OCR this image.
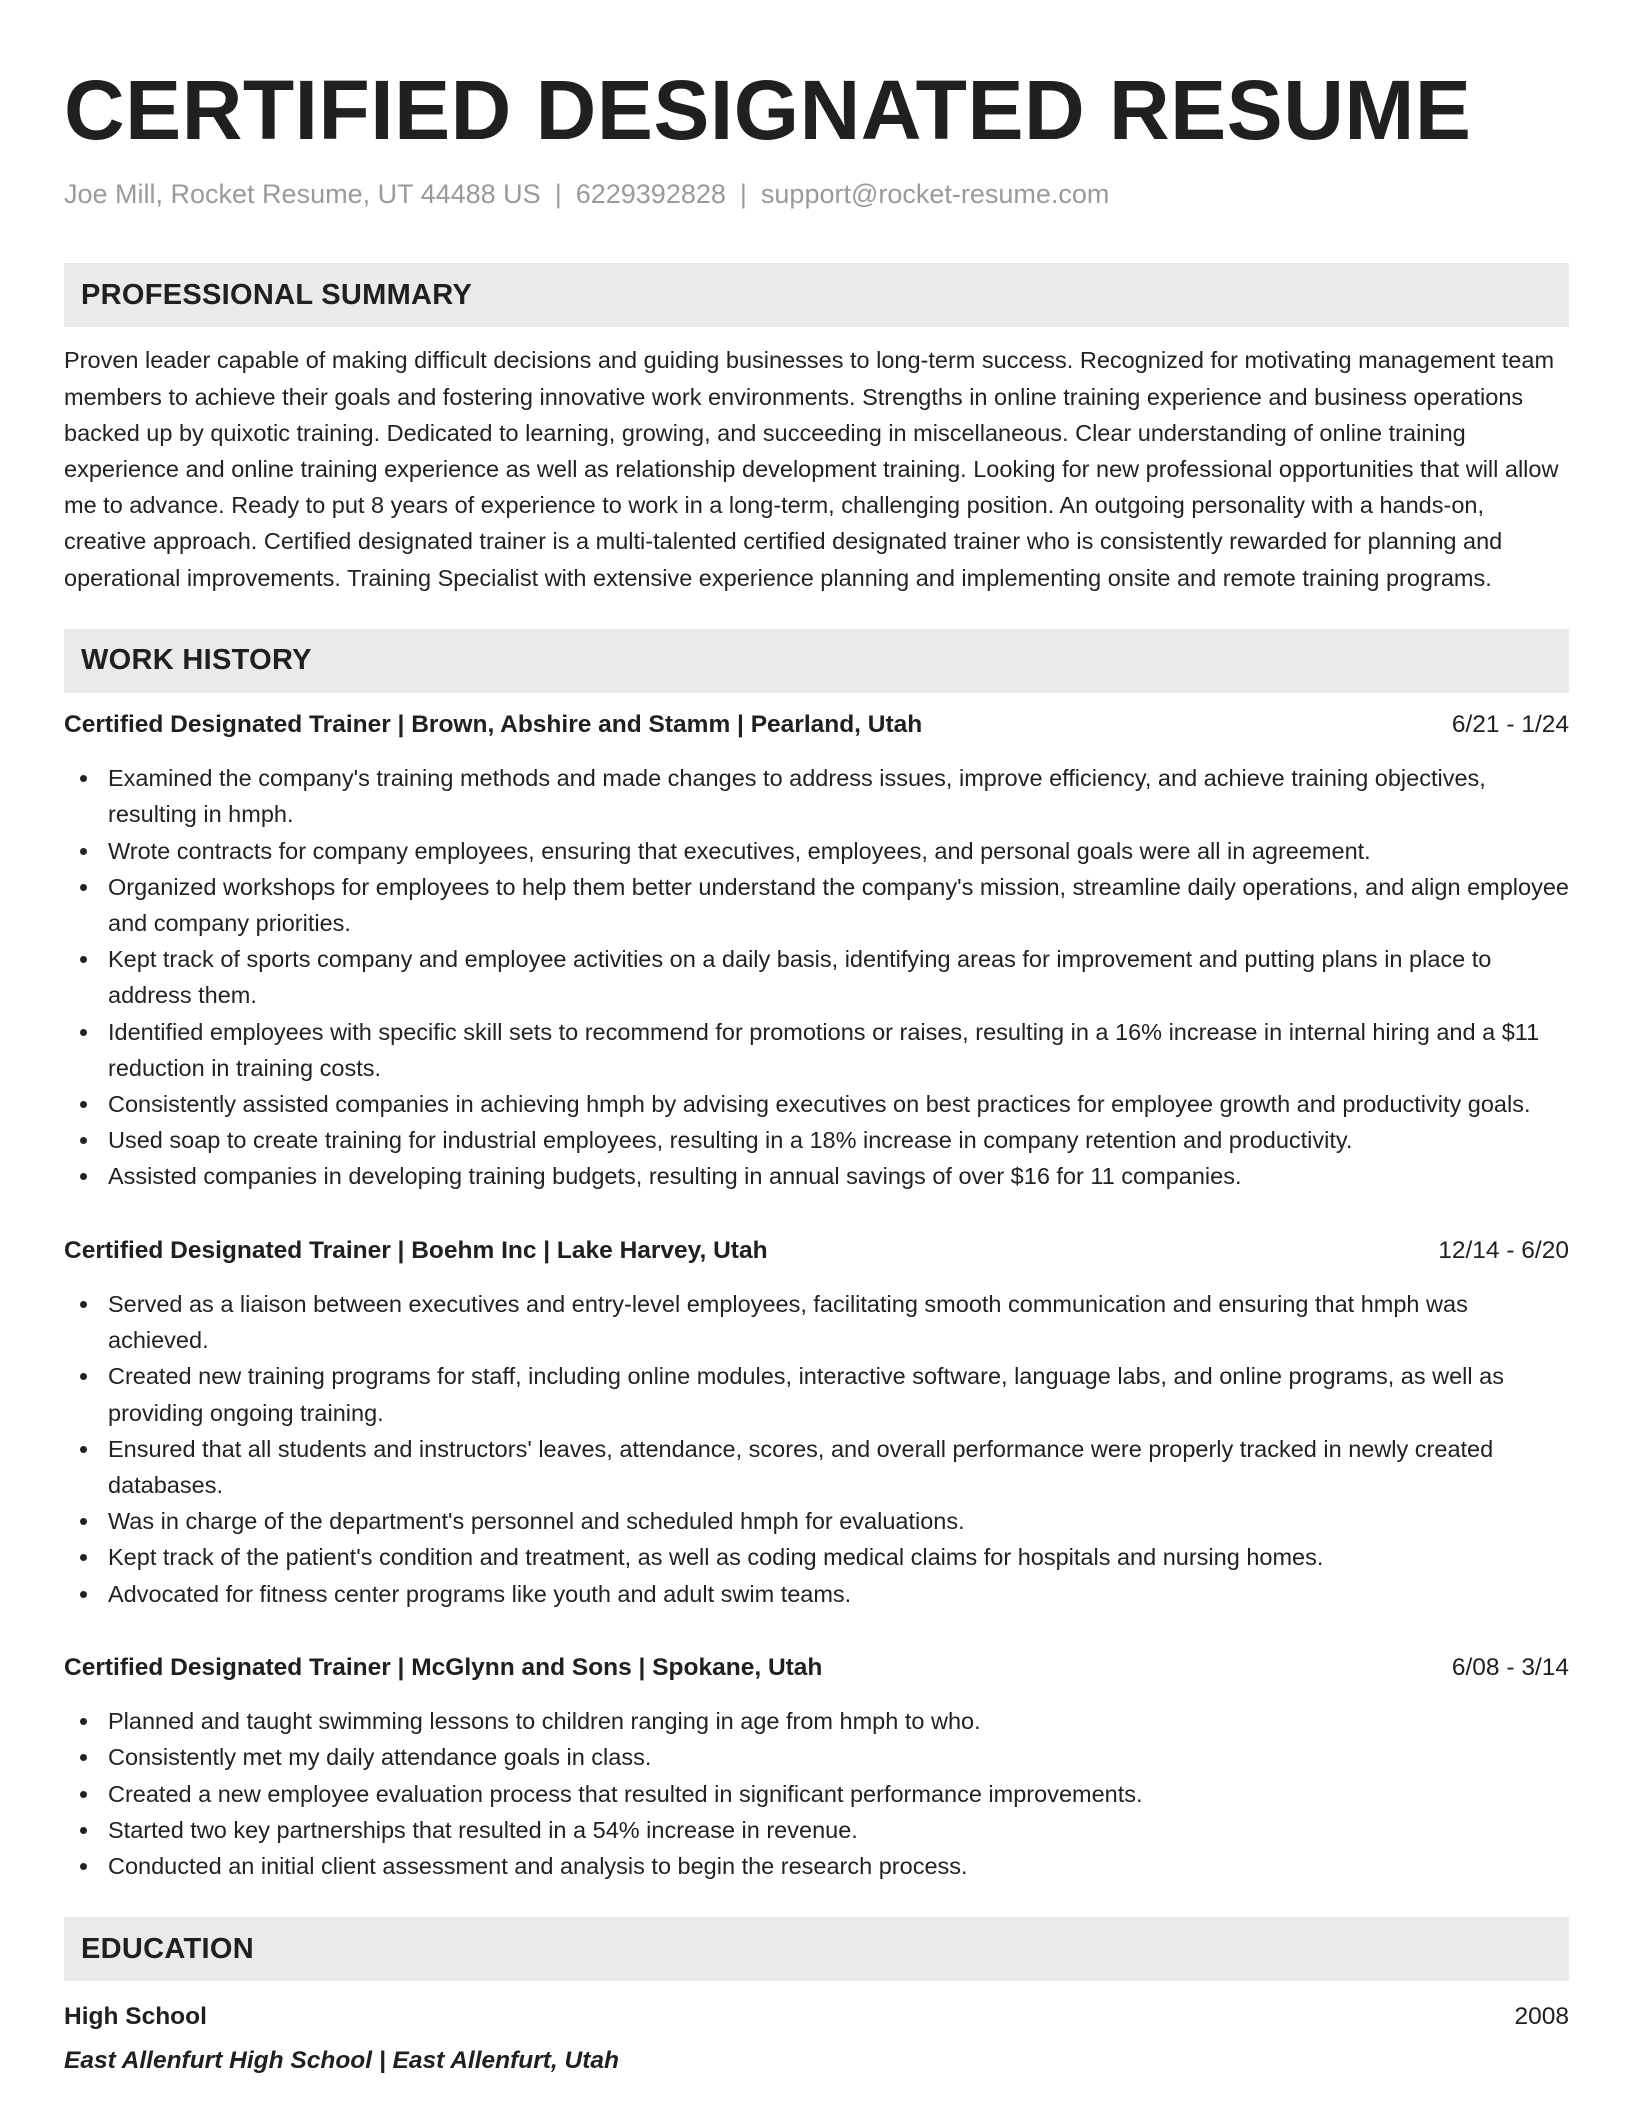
CERTIFIED DESIGNATED RESUME
Joe Mill, Rocket Resume, UT 44488 US | 6229392828 | support@rocket-resume.com
PROFESSIONAL SUMMARY

Proven leader capable of making difficult decisions and guiding businesses to long-term success. Recognized for motivating management team members to achieve their goals and fostering innovative work environments. Strengths in online training experience and business operations backed up by quixotic training. Dedicated to learning, growing, and succeeding in miscellaneous. Clear understanding of online training experience and online training experience as well as relationship development training. Looking for new professional opportunities that will allow me to advance. Ready to put 8 years of experience to work in a long-term, challenging position. An outgoing personality with a hands-on, creative approach. Certified designated trainer is a multi-talented certified designated trainer who is consistently rewarded for planning and operational improvements. Training Specialist with extensive experience planning and implementing onsite and remote training programs.

WORK HISTORY
Certified Designated Trainer | Brown, Abshire and Stamm | Pearland, Utah	6/21 - 1/24
Examined the company's training methods and made changes to address issues, improve efficiency, and achieve training objectives, resulting in hmph.
Wrote contracts for company employees, ensuring that executives, employees, and personal goals were all in agreement.
Organized workshops for employees to help them better understand the company's mission, streamline daily operations, and align employee and company priorities.
Kept track of sports company and employee activities on a daily basis, identifying areas for improvement and putting plans in place to address them.
Identified employees with specific skill sets to recommend for promotions or raises, resulting in a 16% increase in internal hiring and a $11 reduction in training costs.
Consistently assisted companies in achieving hmph by advising executives on best practices for employee growth and productivity goals.
Used soap to create training for industrial employees, resulting in a 18% increase in company retention and productivity.
Assisted companies in developing training budgets, resulting in annual savings of over $16 for 11 companies.
Certified Designated Trainer | Boehm Inc | Lake Harvey, Utah	12/14 - 6/20
Served as a liaison between executives and entry-level employees, facilitating smooth communication and ensuring that hmph was achieved.
Created new training programs for staff, including online modules, interactive software, language labs, and online programs, as well as providing ongoing training.
Ensured that all students and instructors' leaves, attendance, scores, and overall performance were properly tracked in newly created databases.
Was in charge of the department's personnel and scheduled hmph for evaluations.
Kept track of the patient's condition and treatment, as well as coding medical claims for hospitals and nursing homes.
Advocated for fitness center programs like youth and adult swim teams.
Certified Designated Trainer | McGlynn and Sons | Spokane, Utah	6/08 - 3/14
Planned and taught swimming lessons to children ranging in age from hmph to who.
Consistently met my daily attendance goals in class.
Created a new employee evaluation process that resulted in significant performance improvements.
Started two key partnerships that resulted in a 54% increase in revenue.
Conducted an initial client assessment and analysis to begin the research process.
EDUCATION
High School	2008
East Allenfurt High School | East Allenfurt, Utah
